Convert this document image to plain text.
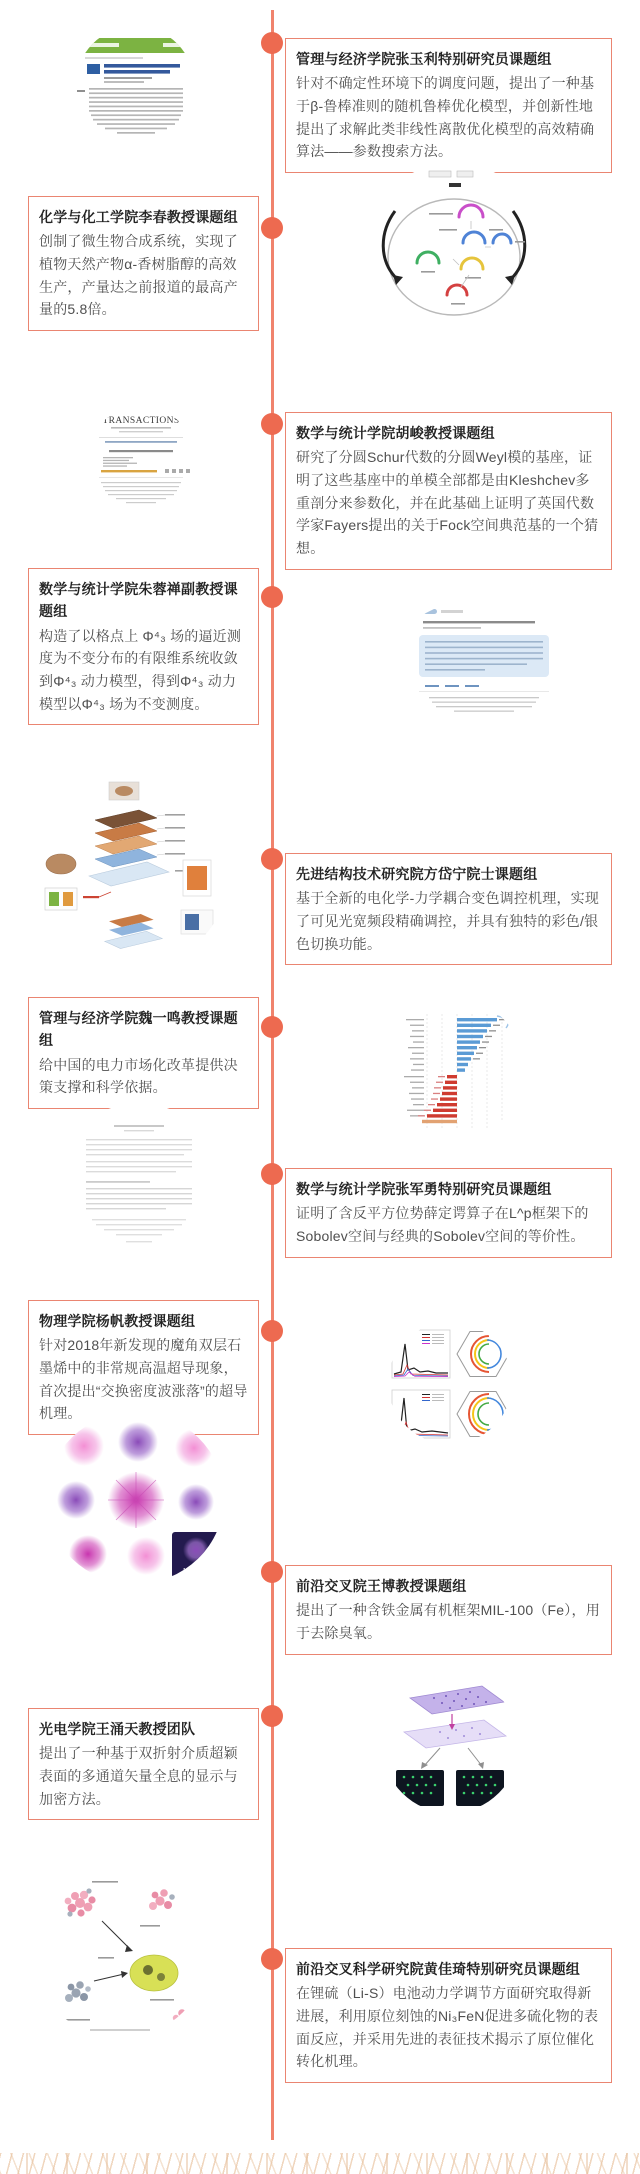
管理与经济学院张玉利特别研究员课题组
针对不确定性环境下的调度问题，提出了一种基于β-鲁棒准则的随机鲁棒优化模型，并创新性地提出了求解此类非线性离散优化模型的高效精确算法——参数搜索方法。
化学与化工学院李春教授课题组
创制了微生物合成系统，实现了植物天然产物α-香树脂醇的高效生产，产量达之前报道的最高产量的5.8倍。
TRANSACTIONS
数学与统计学院胡峻教授课题组
研究了分圆Schur代数的分圆Weyl模的基座，证明了这些基座中的单模全部都是由Kleshchev多重剖分来参数化，并在此基础上证明了英国代数学家Fayers提出的关于Fock空间典范基的一个猜想。
数学与统计学院朱蓉禅副教授课题组
构造了以格点上 Φ⁴₃ 场的逼近测度为不变分布的有限维系统收敛到Φ⁴₃ 动力模型，得到Φ⁴₃ 动力模型以Φ⁴₃ 场为不变测度。
先进结构技术研究院方岱宁院士课题组
基于全新的电化学-力学耦合变色调控机理，实现了可见光宽频段精确调控，并具有独特的彩色/银色切换功能。
管理与经济学院魏一鸣教授课题组
给中国的电力市场化改革提供决策支撑和科学依据。
数学与统计学院张军勇特别研究员课题组
证明了含反平方位势薛定谔算子在L^p框架下的Sobolev空间与经典的Sobolev空间的等价性。
物理学院杨帆教授课题组
针对2018年新发现的魔角双层石墨烯中的非常规高温超导现象，首次提出“交换密度波涨落”的超导机理。
MIL-100
前沿交叉院王博教授课题组
提出了一种含铁金属有机框架MIL-100（Fe），用于去除臭氧。
光电学院王涌天教授团队
提出了一种基于双折射介质超颖表面的多通道矢量全息的显示与加密方法。
前沿交叉科学研究院黄佳琦特别研究员课题组
在锂硫（Li-S）电池动力学调节方面研究取得新进展，利用原位刻蚀的Ni₃FeN促进多硫化物的表面反应，并采用先进的表征技术揭示了原位催化转化机理。
